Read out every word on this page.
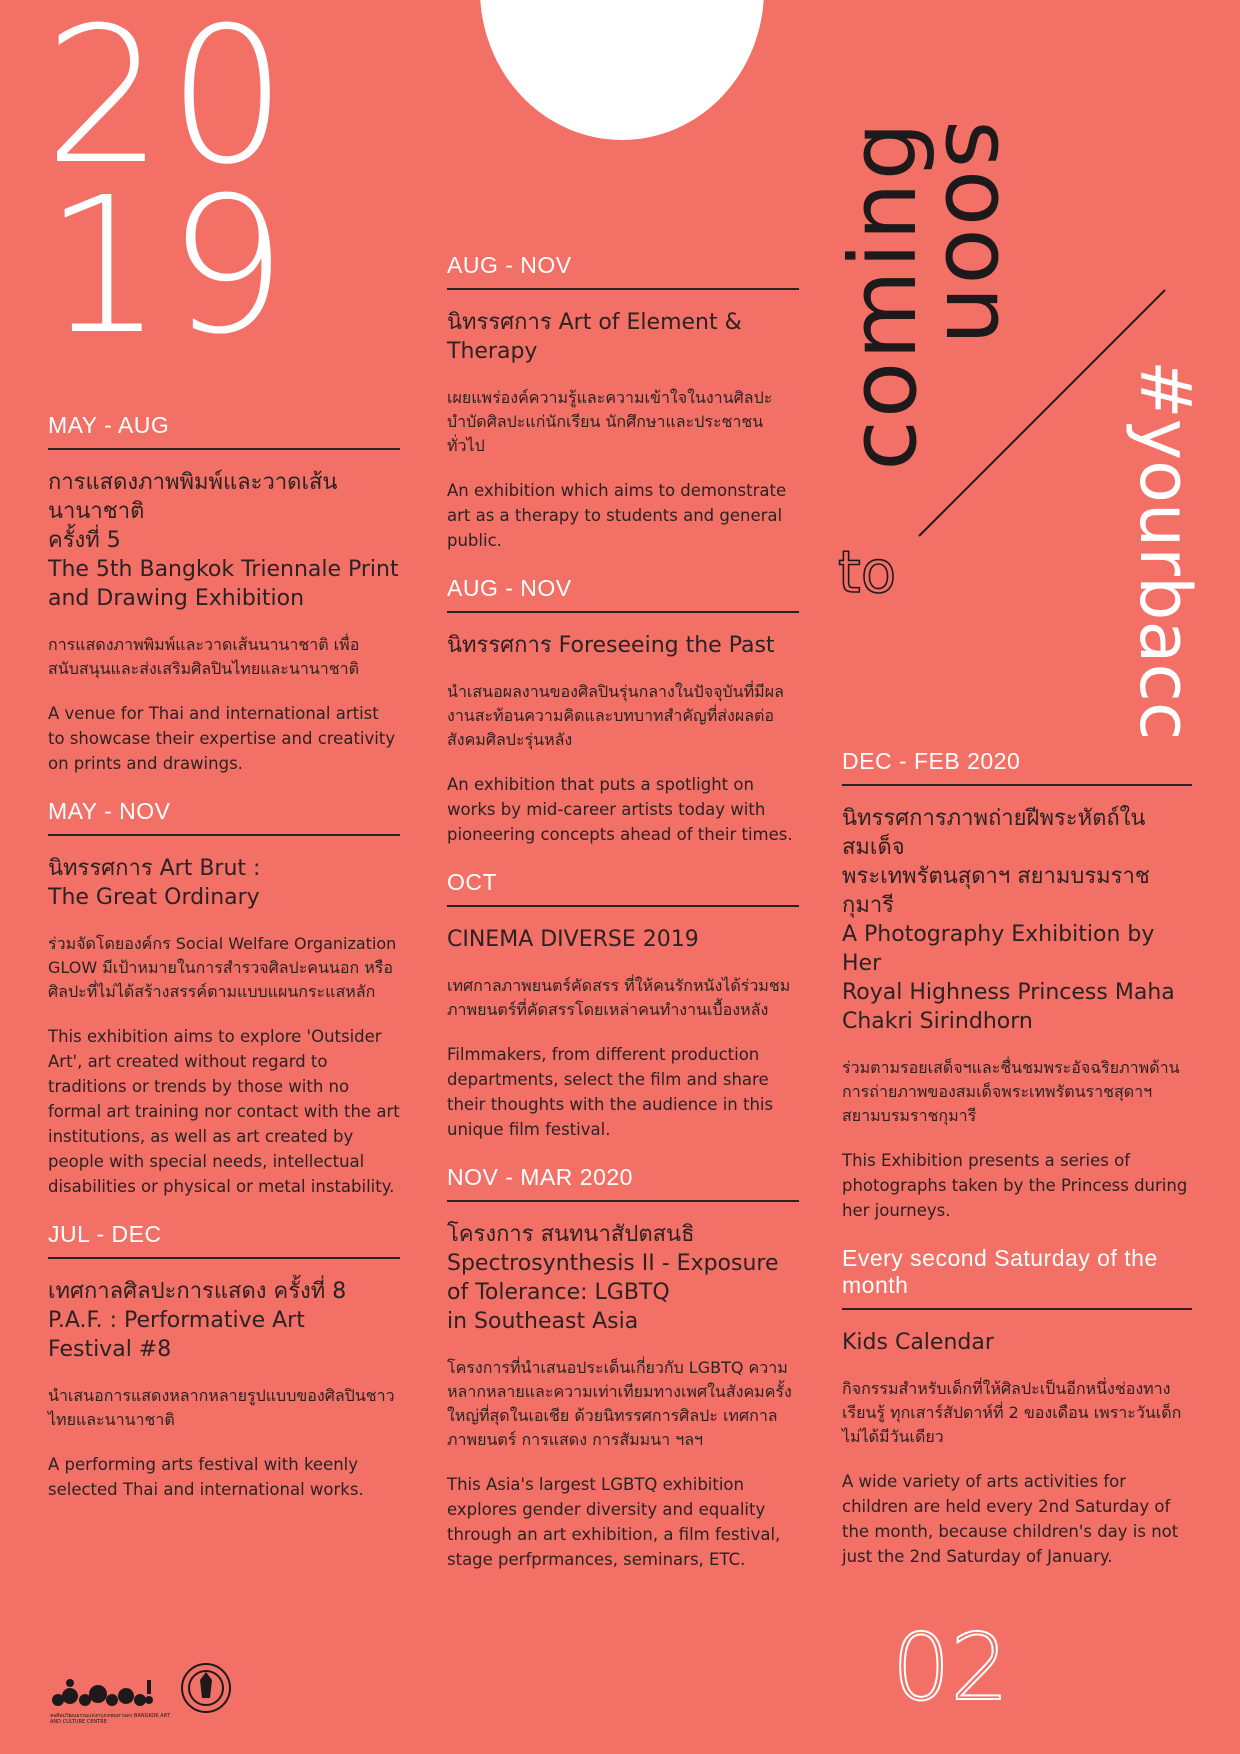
20
19
MAY - AUG
การแสดงภาพพิมพ์และวาดเส้นนานาชาติ
ครั้งที่ 5
The 5th Bangkok Triennale Print
and Drawing Exhibition

การแสดงภาพพิมพ์และวาดเส้นนานาชาติ เพื่อสนับสนุนและส่งเสริมศิลปินไทยและนานาชาติ

A venue for Thai and international artist to showcase their expertise and creativity on prints and drawings.

MAY - NOV
นิทรรศการ Art Brut :
The Great Ordinary

ร่วมจัดโดยองค์กร Social Welfare Organization GLOW มีเป้าหมายในการสำรวจศิลปะคนนอก หรือศิลปะที่ไม่ได้สร้างสรรค์ตามแบบแผนกระแสหลัก

This exhibition aims to explore 'Outsider Art', art created without regard to traditions or trends by those with no formal art training nor contact with the art institutions, as well as art created by people with special needs, intellectual disabilities or physical or metal instability.

JUL - DEC
เทศกาลศิลปะการแสดง ครั้งที่ 8
P.A.F. : Performative Art
Festival #8

นำเสนอการแสดงหลากหลายรูปแบบของศิลปินชาวไทยและนานาชาติ

A performing arts festival with keenly selected Thai and international works.

AUG - NOV
นิทรรศการ Art of Element &
Therapy

เผยแพร่องค์ความรู้และความเข้าใจในงานศิลปะบำบัดศิลปะแก่นักเรียน นักศึกษาและประชาชนทั่วไป

An exhibition which aims to demonstrate art as a therapy to students and general public.

AUG - NOV
นิทรรศการ Foreseeing the Past

นำเสนอผลงานของศิลปินรุ่นกลางในปัจจุบันที่มีผลงานสะท้อนความคิดและบทบาทสำคัญที่ส่งผลต่อสังคมศิลปะรุ่นหลัง

An exhibition that puts a spotlight on works by mid-career artists today with pioneering concepts ahead of their times.

OCT
CINEMA DIVERSE 2019

เทศกาลภาพยนตร์คัดสรร ที่ให้คนรักหนังได้ร่วมชมภาพยนตร์ที่คัดสรรโดยเหล่าคนทำงานเบื้องหลัง

Filmmakers, from different production departments, select the film and share their thoughts with the audience in this unique film festival.

NOV - MAR 2020
โครงการ สนทนาสัปตสนธิ
Spectrosynthesis II - Exposure
of Tolerance: LGBTQ
in Southeast Asia

โครงการที่นำเสนอประเด็นเกี่ยวกับ LGBTQ ความหลากหลายและความเท่าเทียมทางเพศในสังคมครั้งใหญ่ที่สุดในเอเชีย ด้วยนิทรรศการศิลปะ เทศกาลภาพยนตร์ การแสดง การสัมมนา ฯลฯ

This Asia's largest LGBTQ exhibition explores gender diversity and equality through an art exhibition, a film festival, stage perfprmances, seminars, ETC.

coming
soon
to	#yourbacc
DEC - FEB 2020
นิทรรศการภาพถ่ายฝีพระหัตถ์ในสมเด็จ
พระเทพรัตนสุดาฯ สยามบรมราชกุมารี
A Photography Exhibition by Her
Royal Highness Princess Maha
Chakri Sirindhorn

ร่วมตามรอยเสด็จฯและชื่นชมพระอัจฉริยภาพด้านการถ่ายภาพของสมเด็จพระเทพรัตนราชสุดาฯ สยามบรมราชกุมารี

This Exhibition presents a series of photographs taken by the Princess during her journeys.

Every second Saturday of the month
Kids Calendar

กิจกรรมสำหรับเด็กที่ให้ศิลปะเป็นอีกหนึ่งช่องทางเรียนรู้ ทุกเสาร์สัปดาห์ที่ 2 ของเดือน เพราะวันเด็กไม่ได้มีวันเดียว

A wide variety of arts activities for children are held every 2nd Saturday of the month, because children's day is not just the 2nd Saturday of January.

02
หอศิลปวัฒนธรรมแห่งกรุงเทพมหานคร BANGKOK ART AND CULTURE CENTRE
